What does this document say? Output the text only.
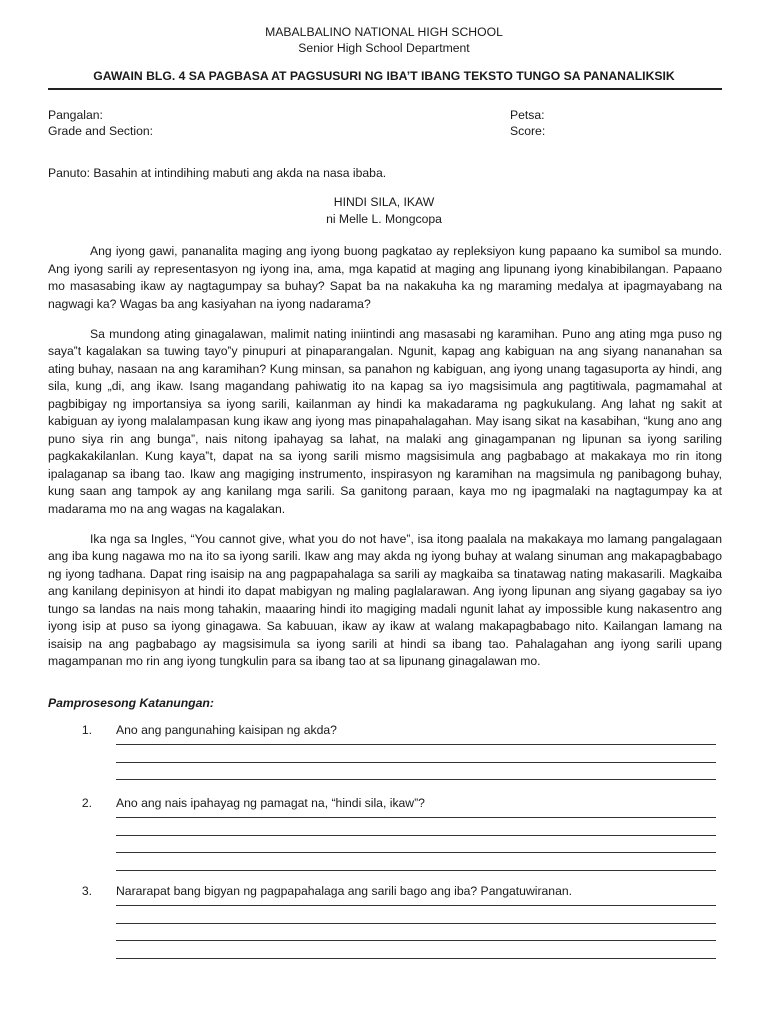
MABALBALINO NATIONAL HIGH SCHOOL
Senior High School Department
GAWAIN BLG. 4 SA PAGBASA AT PAGSUSURI NG IBA’T IBANG TEKSTO TUNGO SA PANANALIKSIK
Pangalan:
Grade and Section:
Petsa:
Score:
Panuto: Basahin at intindihing mabuti ang akda na nasa ibaba.
HINDI SILA, IKAW
ni Melle L. Mongcopa

Ang iyong gawi, pananalita maging ang iyong buong pagkatao ay repleksiyon kung papaano ka sumibol sa mundo. Ang iyong sarili ay representasyon ng iyong ina, ama, mga kapatid at maging ang lipunang iyong kinabibilangan. Papaano mo masasabing ikaw ay nagtagumpay sa buhay? Sapat ba na nakakuha ka ng maraming medalya at ipagmayabang na nagwagi ka? Wagas ba ang kasiyahan na iyong nadarama?

Sa mundong ating ginagalawan, malimit nating iniintindi ang masasabi ng karamihan. Puno ang ating mga puso ng saya‟t kagalakan sa tuwing tayo‟y pinupuri at pinaparangalan. Ngunit, kapag ang kabiguan na ang siyang nananahan sa ating buhay, nasaan na ang karamihan? Kung minsan, sa panahon ng kabiguan, ang iyong unang tagasuporta ay hindi, ang sila, kung „di, ang ikaw. Isang magandang pahiwatig ito na kapag sa iyo magsisimula ang pagtitiwala, pagmamahal at pagbibigay ng importansiya sa iyong sarili, kailanman ay hindi ka makadarama ng pagkukulang. Ang lahat ng sakit at kabiguan ay iyong malalampasan kung ikaw ang iyong mas pinapahalagahan. May isang sikat na kasabihan, “kung ano ang puno siya rin ang bunga”, nais nitong ipahayag sa lahat, na malaki ang ginagampanan ng lipunan sa iyong sariling pagkakakilanlan. Kung kaya‟t, dapat na sa iyong sarili mismo magsisimula ang pagbabago at makakaya mo rin itong ipalaganap sa ibang tao. Ikaw ang magiging instrumento, inspirasyon ng karamihan na magsimula ng panibagong buhay, kung saan ang tampok ay ang kanilang mga sarili. Sa ganitong paraan, kaya mo ng ipagmalaki na nagtagumpay ka at madarama mo na ang wagas na kagalakan.

Ika nga sa Ingles, “You cannot give, what you do not have”, isa itong paalala na makakaya mo lamang pangalagaan ang iba kung nagawa mo na ito sa iyong sarili. Ikaw ang may akda ng iyong buhay at walang sinuman ang makapagbabago ng iyong tadhana. Dapat ring isaisip na ang pagpapahalaga sa sarili ay magkaiba sa tinatawag nating makasarili. Magkaiba ang kanilang depinisyon at hindi ito dapat mabigyan ng maling paglalarawan. Ang iyong lipunan ang siyang gagabay sa iyo tungo sa landas na nais mong tahakin, maaaring hindi ito magiging madali ngunit lahat ay impossible kung nakasentro ang iyong isip at puso sa iyong ginagawa. Sa kabuuan, ikaw ay ikaw at walang makapagbabago nito. Kailangan lamang na isaisip na ang pagbabago ay magsisimula sa iyong sarili at hindi sa ibang tao. Pahalagahan ang iyong sarili upang magampanan mo rin ang iyong tungkulin para sa ibang tao at sa lipunang ginagalawan mo.

Pamprosesong Katanungan:
1.	Ano ang pangunahing kaisipan ng akda?
2.	Ano ang nais ipahayag ng pamagat na, “hindi sila, ikaw”?
3.	Nararapat bang bigyan ng pagpapahalaga ang sarili bago ang iba? Pangatuwiranan.
